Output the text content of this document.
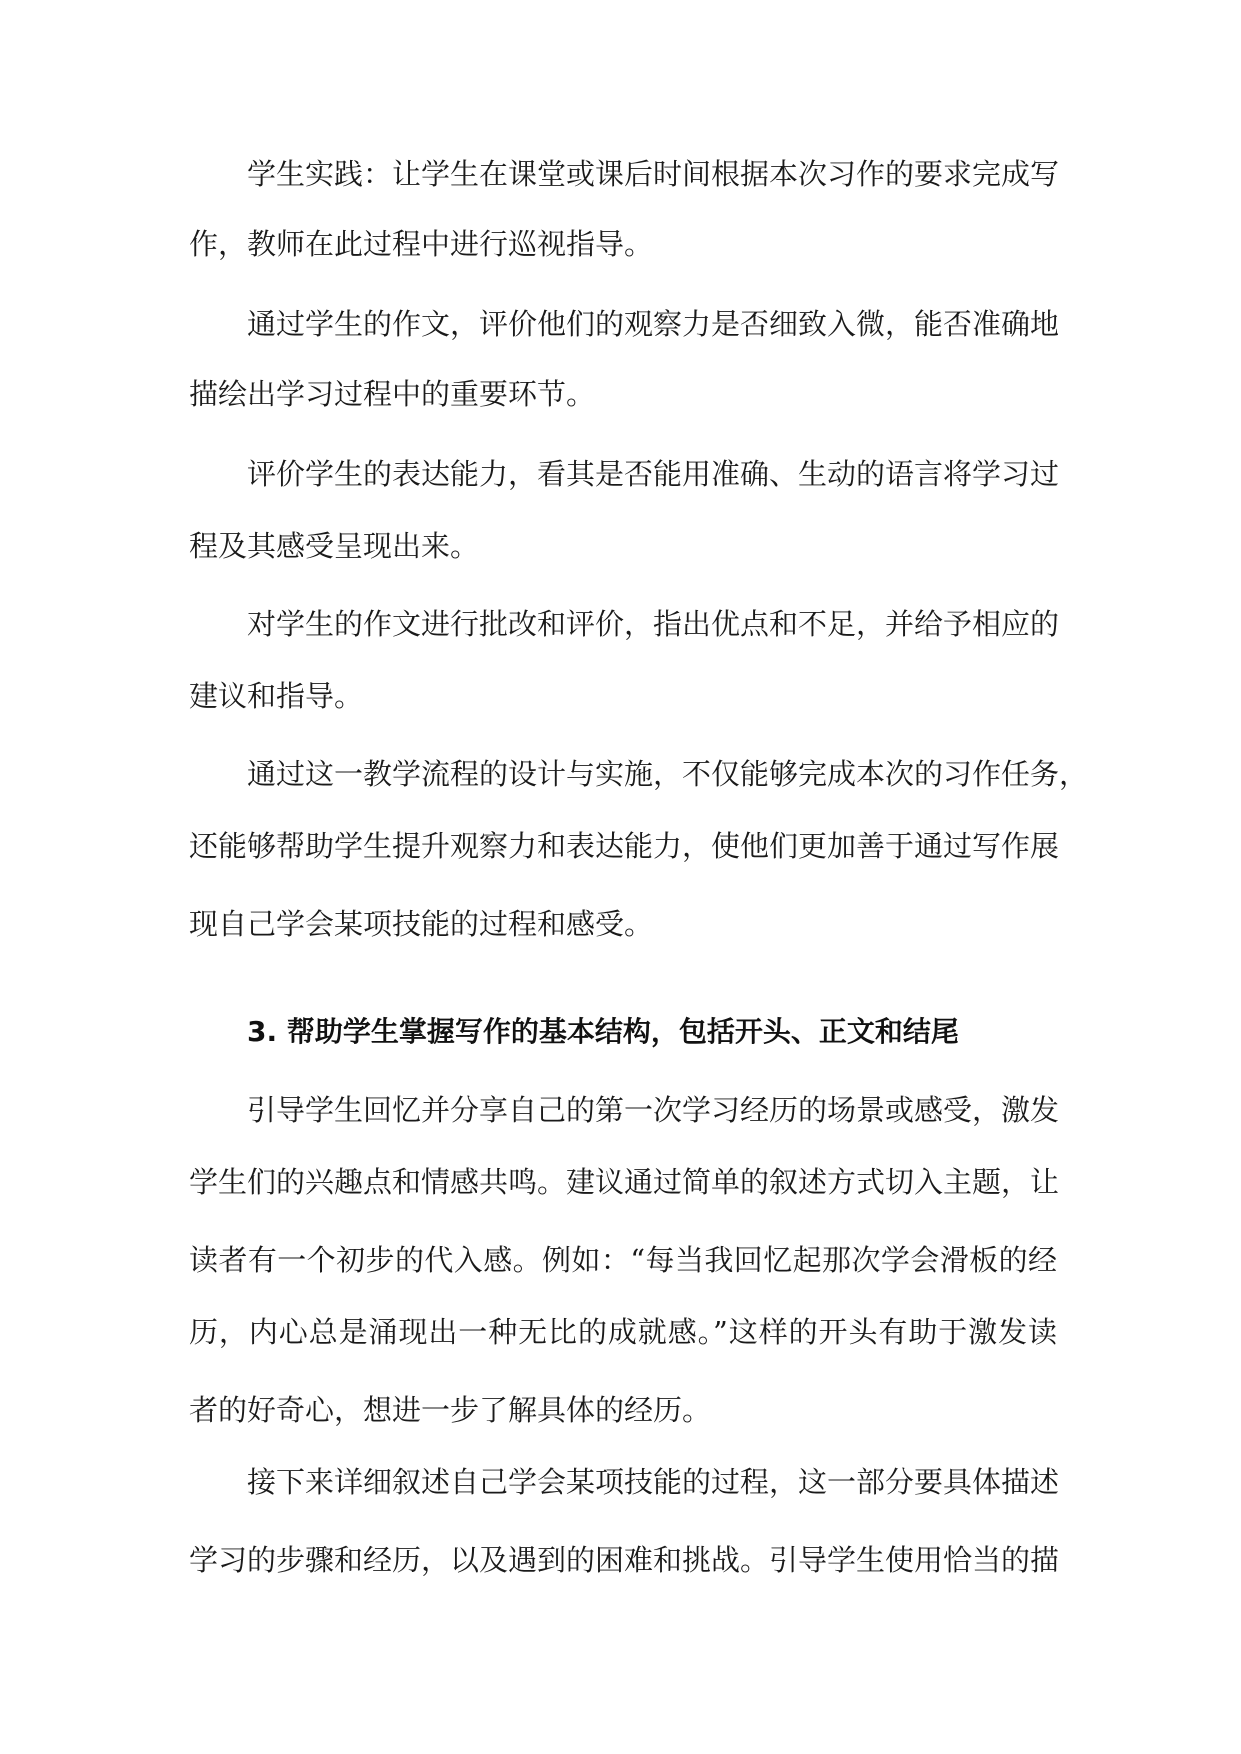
学生实践：让学生在课堂或课后时间根据本次习作的要求完成写
作，教师在此过程中进行巡视指导。
通过学生的作文，评价他们的观察力是否细致入微，能否准确地
描绘出学习过程中的重要环节。
评价学生的表达能力，看其是否能用准确、生动的语言将学习过
程及其感受呈现出来。
对学生的作文进行批改和评价，指出优点和不足，并给予相应的
建议和指导。
通过这一教学流程的设计与实施，不仅能够完成本次的习作任务，
还能够帮助学生提升观察力和表达能力，使他们更加善于通过写作展
现自己学会某项技能的过程和感受。
3. 帮助学生掌握写作的基本结构，包括开头、正文和结尾
引导学生回忆并分享自己的第一次学习经历的场景或感受，激发
学生们的兴趣点和情感共鸣。建议通过简单的叙述方式切入主题，让
读者有一个初步的代入感。例如：“每当我回忆起那次学会滑板的经
历，内心总是涌现出一种无比的成就感。”这样的开头有助于激发读
者的好奇心，想进一步了解具体的经历。
接下来详细叙述自己学会某项技能的过程，这一部分要具体描述
学习的步骤和经历，以及遇到的困难和挑战。引导学生使用恰当的描
